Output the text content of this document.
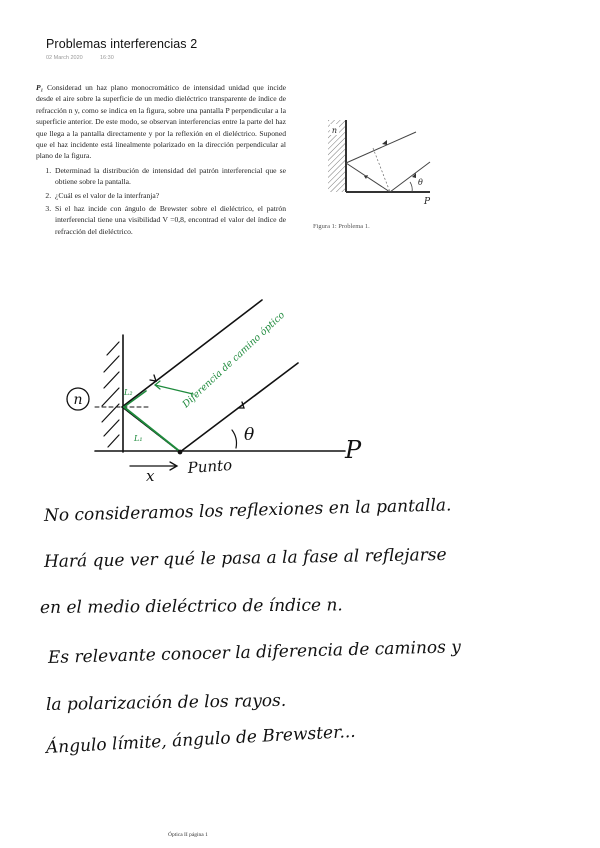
Problemas interferencias 2
02 March 2020	16:30

P₁ Considerad un haz plano monocromático de intensidad unidad que incide desde el aire sobre la superficie de un medio dieléctrico transparente de índice de refracción n y, como se indica en la figura, sobre una pantalla P perpendicular a la superficie anterior. De este modo, se observan interferencias entre la parte del haz que llega a la pantalla directamente y por la reflexión en el dieléctrico. Suponed que el haz incidente está linealmente polarizado en la dirección perpendicular al plano de la figura.

1. Determinad la distribución de intensidad del patrón interferencial que se obtiene sobre la pantalla.
2. ¿Cuál es el valor de la interfranja?
3. Si el haz incide con ángulo de Brewster sobre el dieléctrico, el patrón interferencial tiene una visibilidad V =0,8, encontrad el valor del índice de refracción del dieléctrico.
n
θ
P
Figura 1: Problema 1.
n
P
θ
x Punto
L₁
L₂	Diferencia de camino óptico
No consideramos los reflexiones en la pantalla.
Hará que ver qué le pasa a la fase al reflejarse
en el medio dieléctrico de índice n.
Es relevante conocer la diferencia de caminos y
la polarización de los rayos.
Ángulo límite, ángulo de Brewster...
Óptica II página 1
